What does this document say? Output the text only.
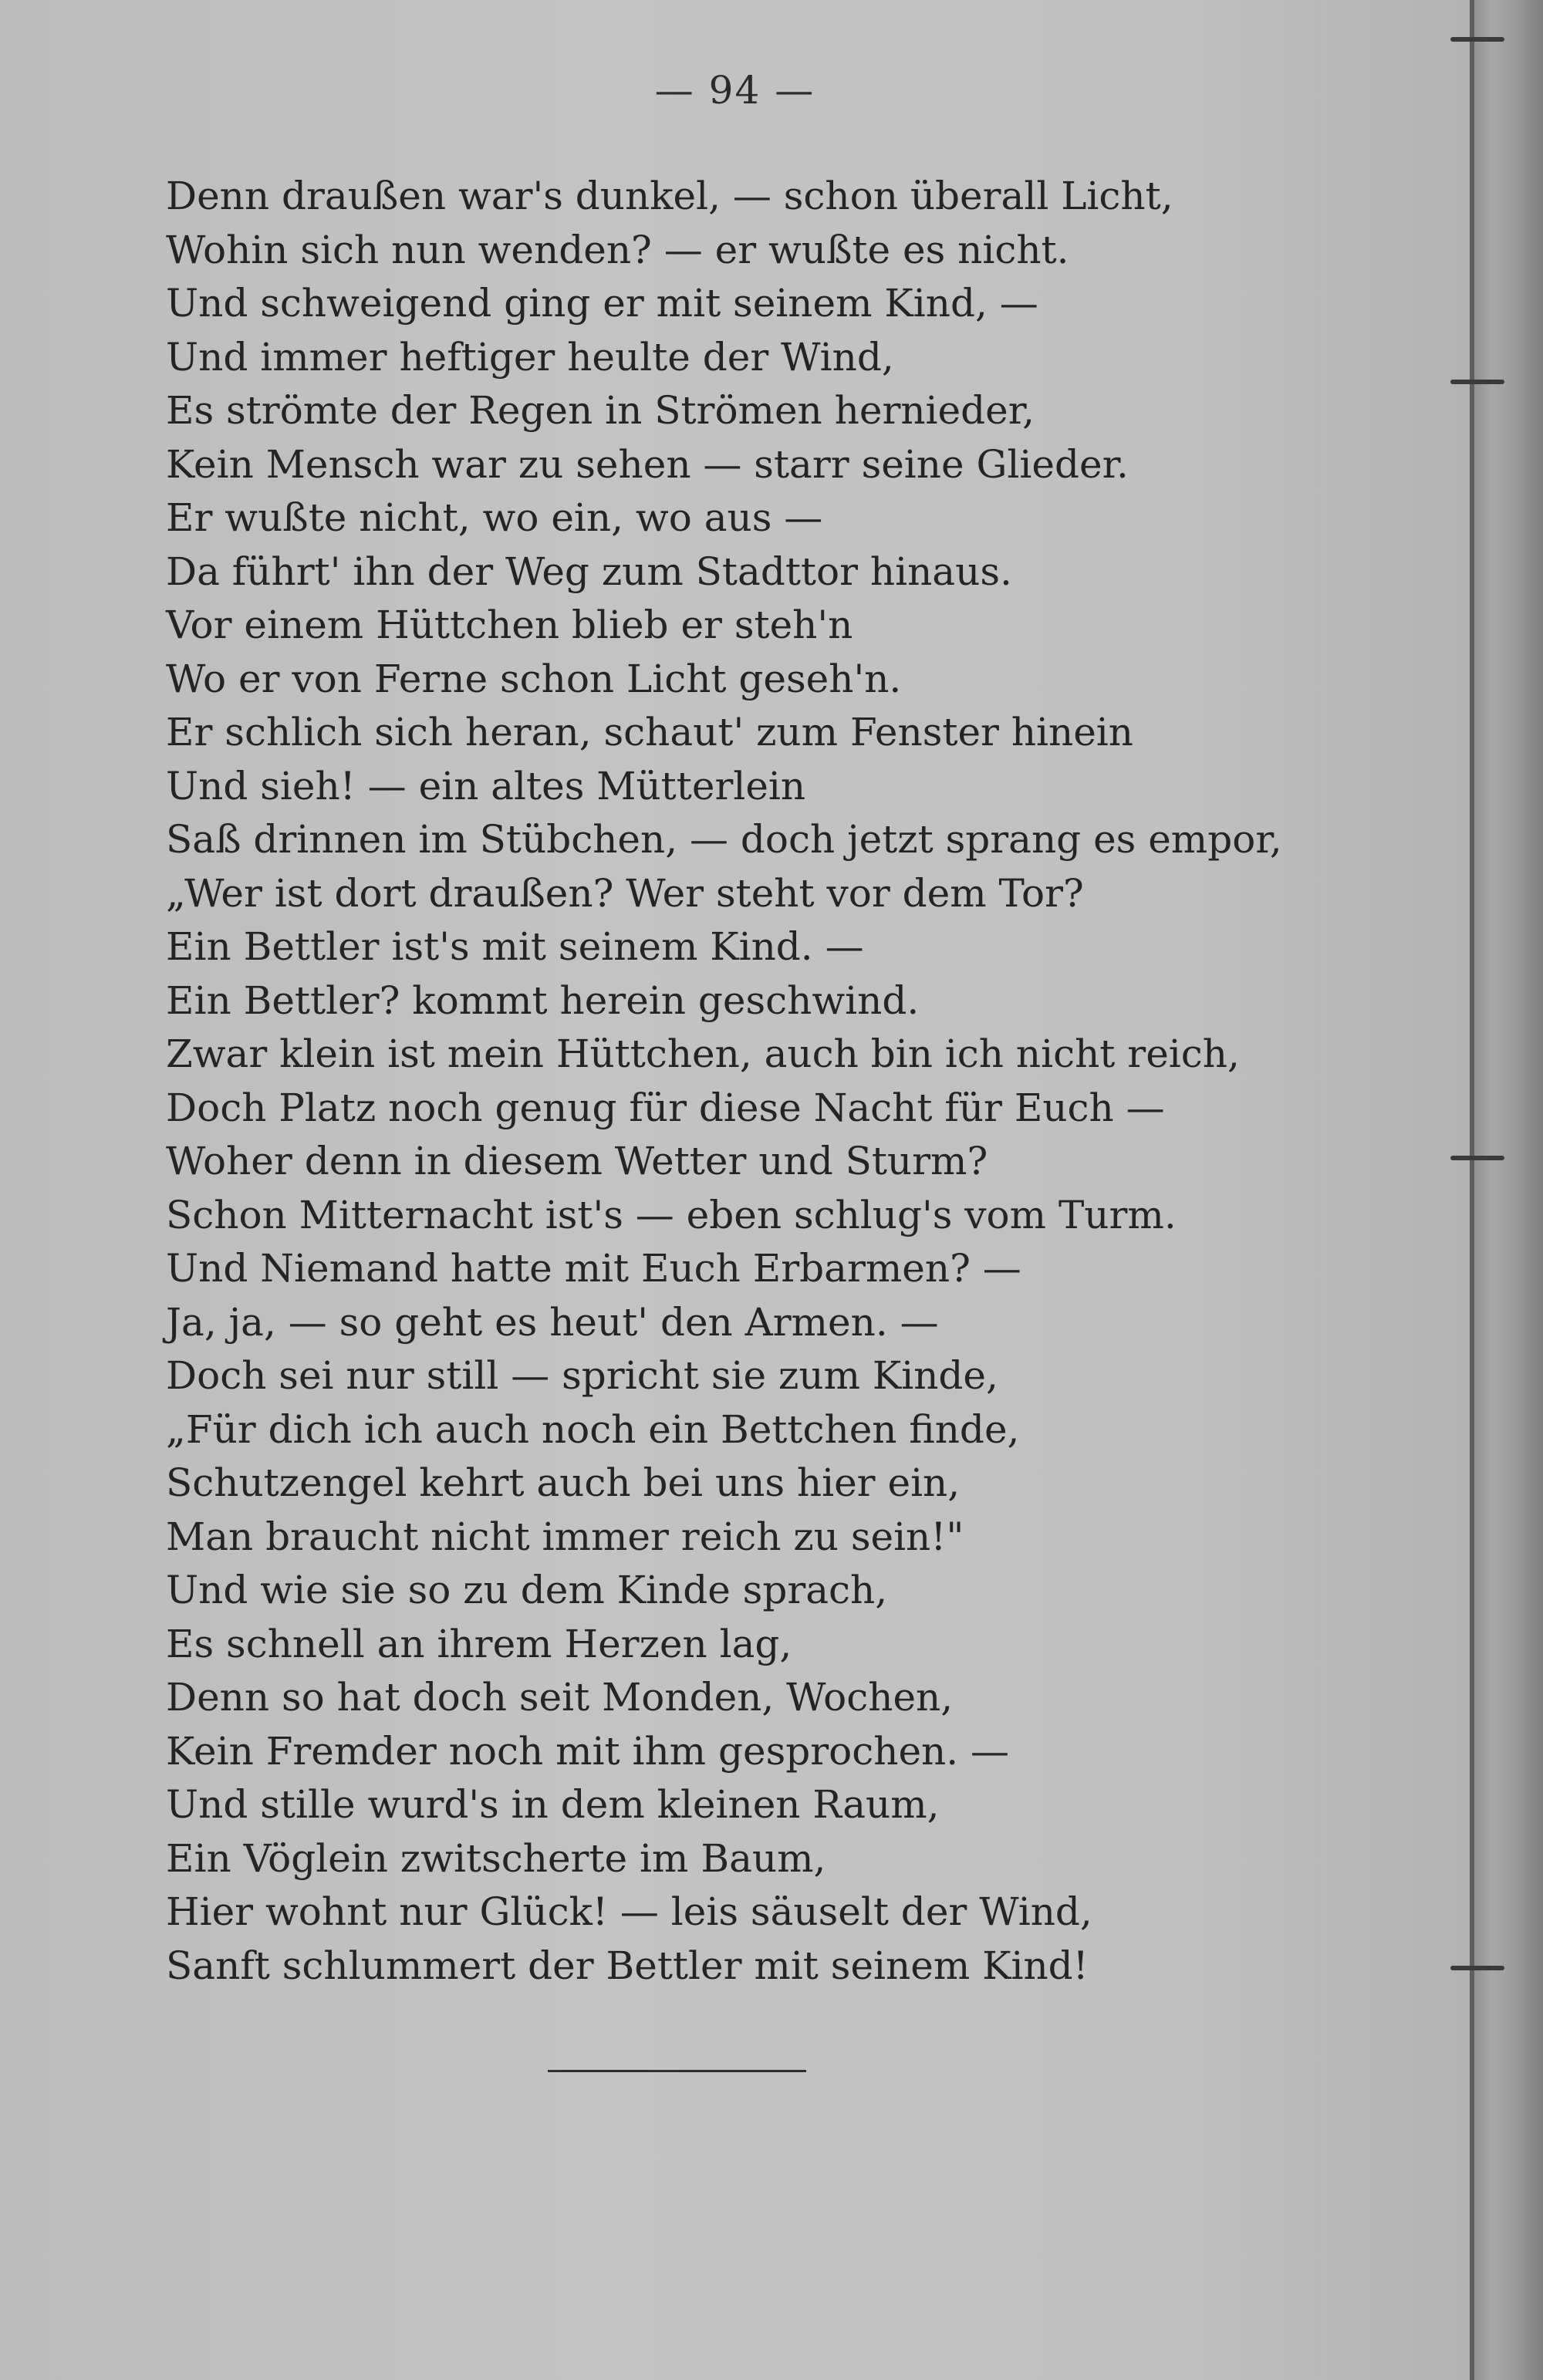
— 94 —
Denn draußen war's dunkel, — schon überall Licht,
Wohin sich nun wenden? — er wußte es nicht.
Und schweigend ging er mit seinem Kind, —
Und immer heftiger heulte der Wind,
Es strömte der Regen in Strömen hernieder,
Kein Mensch war zu sehen — starr seine Glieder.
Er wußte nicht, wo ein, wo aus —
Da führt' ihn der Weg zum Stadttor hinaus.
Vor einem Hüttchen blieb er steh'n
Wo er von Ferne schon Licht geseh'n.
Er schlich sich heran, schaut' zum Fenster hinein
Und sieh! — ein altes Mütterlein
Saß drinnen im Stübchen, — doch jetzt sprang es empor,
„Wer ist dort draußen? Wer steht vor dem Tor?
Ein Bettler ist's mit seinem Kind. —
Ein Bettler? kommt herein geschwind.
Zwar klein ist mein Hüttchen, auch bin ich nicht reich,
Doch Platz noch genug für diese Nacht für Euch —
Woher denn in diesem Wetter und Sturm?
Schon Mitternacht ist's — eben schlug's vom Turm.
Und Niemand hatte mit Euch Erbarmen? —
Ja, ja, — so geht es heut' den Armen. —
Doch sei nur still — spricht sie zum Kinde,
„Für dich ich auch noch ein Bettchen finde,
Schutzengel kehrt auch bei uns hier ein,
Man braucht nicht immer reich zu sein!"
Und wie sie so zu dem Kinde sprach,
Es schnell an ihrem Herzen lag,
Denn so hat doch seit Monden, Wochen,
Kein Fremder noch mit ihm gesprochen. —
Und stille wurd's in dem kleinen Raum,
Ein Vöglein zwitscherte im Baum,
Hier wohnt nur Glück! — leis säuselt der Wind,
Sanft schlummert der Bettler mit seinem Kind!
